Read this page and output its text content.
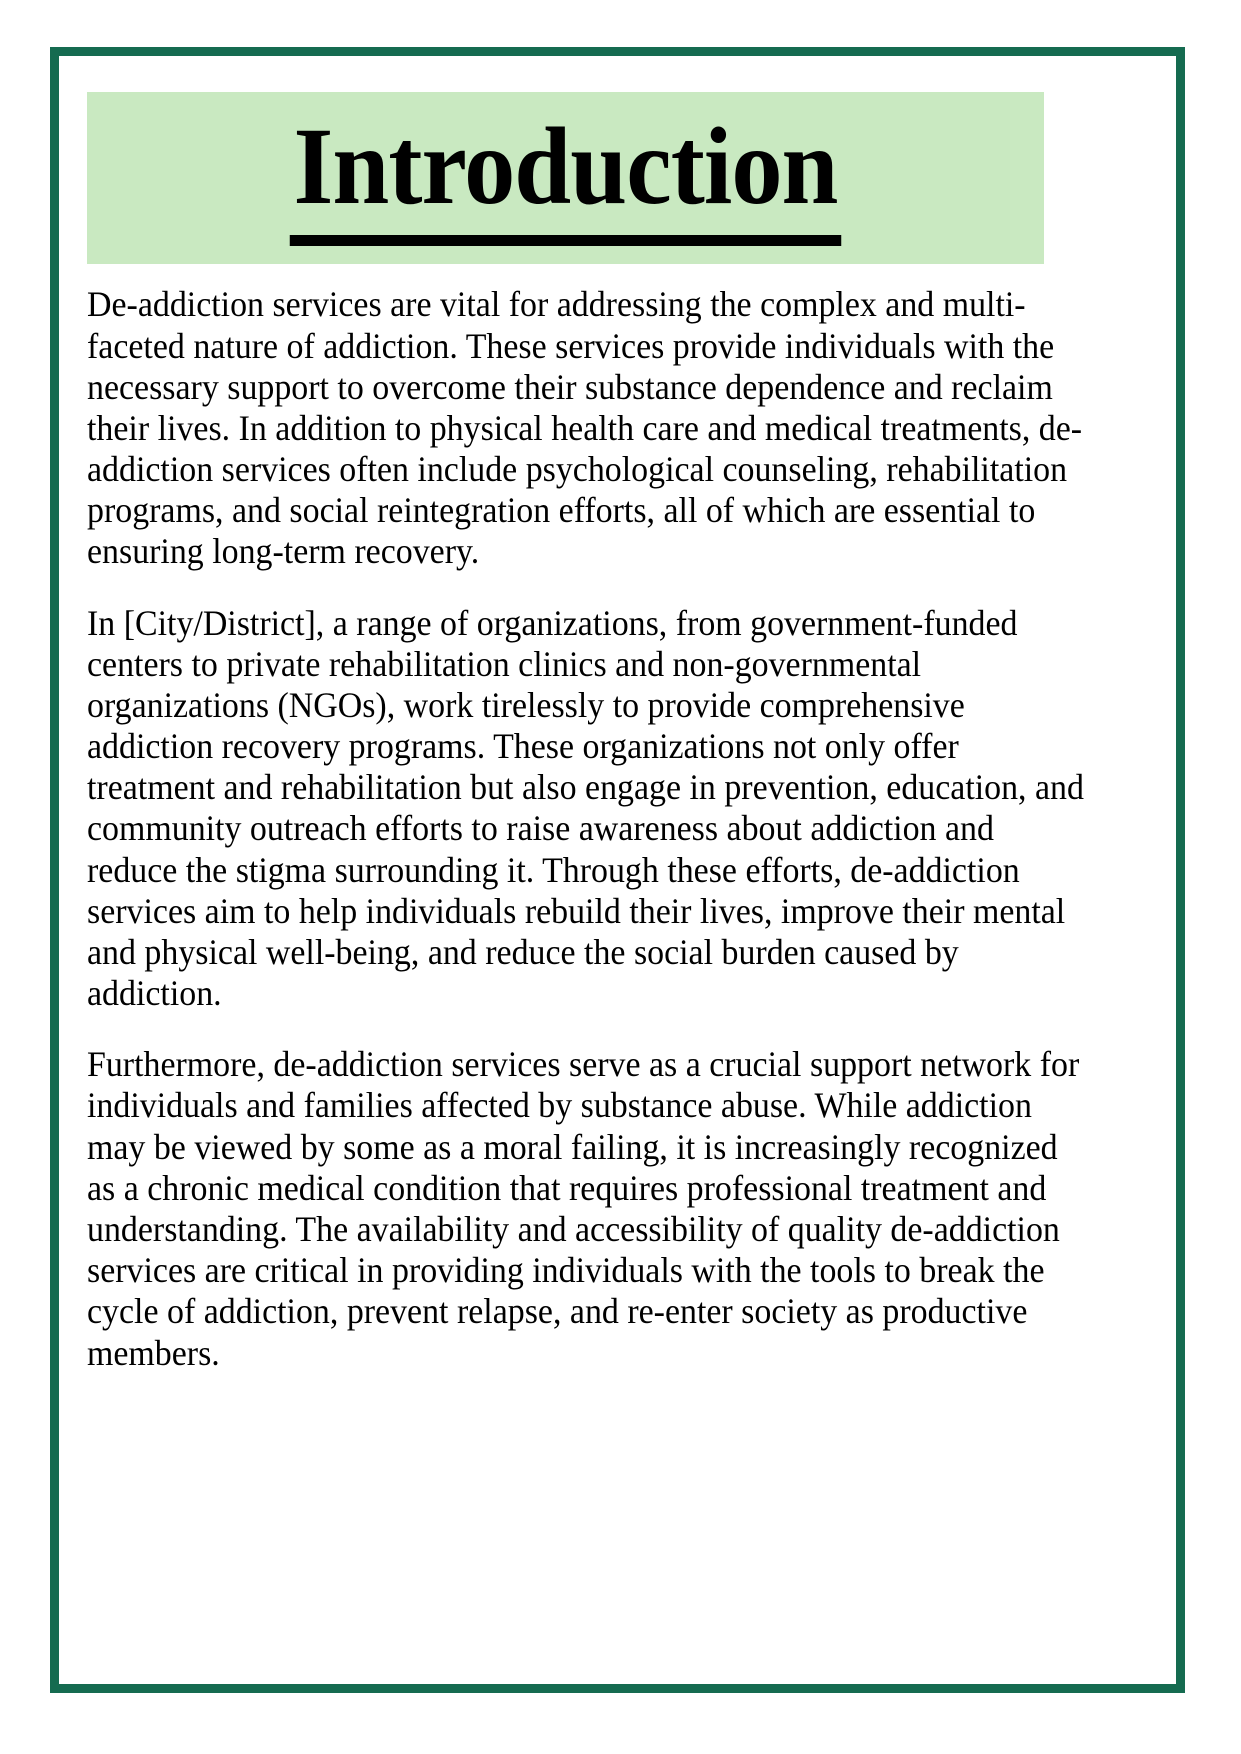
Introduction

De-addiction services are vital for addressing the complex and multi-faceted nature of addiction. These services provide individuals with the necessary support to overcome their substance dependence and reclaim their lives. In addition to physical health care and medical treatments, de-addiction services often include psychological counseling, rehabilitation programs, and social reintegration efforts, all of which are essential to ensuring long-term recovery.

In [City/District], a range of organizations, from government-funded centers to private rehabilitation clinics and non-governmental organizations (NGOs), work tirelessly to provide comprehensive addiction recovery programs. These organizations not only offer treatment and rehabilitation but also engage in prevention, education, and community outreach efforts to raise awareness about addiction and reduce the stigma surrounding it. Through these efforts, de-addiction services aim to help individuals rebuild their lives, improve their mental and physical well-being, and reduce the social burden caused by addiction.

Furthermore, de-addiction services serve as a crucial support network for individuals and families affected by substance abuse. While addiction may be viewed by some as a moral failing, it is increasingly recognized as a chronic medical condition that requires professional treatment and understanding. The availability and accessibility of quality de-addiction services are critical in providing individuals with the tools to break the cycle of addiction, prevent relapse, and re-enter society as productive members.
